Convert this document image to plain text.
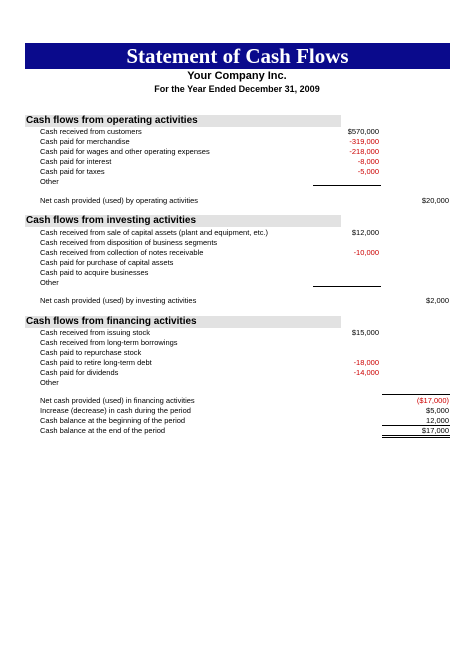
Statement of Cash Flows
Your Company Inc.
For the Year Ended December 31, 2009
Cash flows from operating activities
Cash received from customers	$570,000
Cash paid for merchandise	-319,000
Cash paid for wages and other operating expenses	-218,000
Cash paid for interest	-8,000
Cash paid for taxes	-5,000
Other
Net cash provided (used) by operating activities	$20,000
Cash flows from investing activities
Cash received from sale of capital assets (plant and equipment, etc.)	$12,000
Cash received from disposition of business segments
Cash received from collection of notes receivable	-10,000
Cash paid for purchase of capital assets
Cash paid to acquire businesses
Other
Net cash provided (used) by investing activities	$2,000
Cash flows from financing activities
Cash received from issuing stock	$15,000
Cash received from long-term borrowings
Cash paid to repurchase stock
Cash paid to retire long-term debt	-18,000
Cash paid for dividends	-14,000
Other
Net cash provided (used) in financing activities	($17,000)
Increase (decrease) in cash during the period	$5,000
Cash balance at the beginning of the period	12,000
Cash balance at the end of the period	$17,000
